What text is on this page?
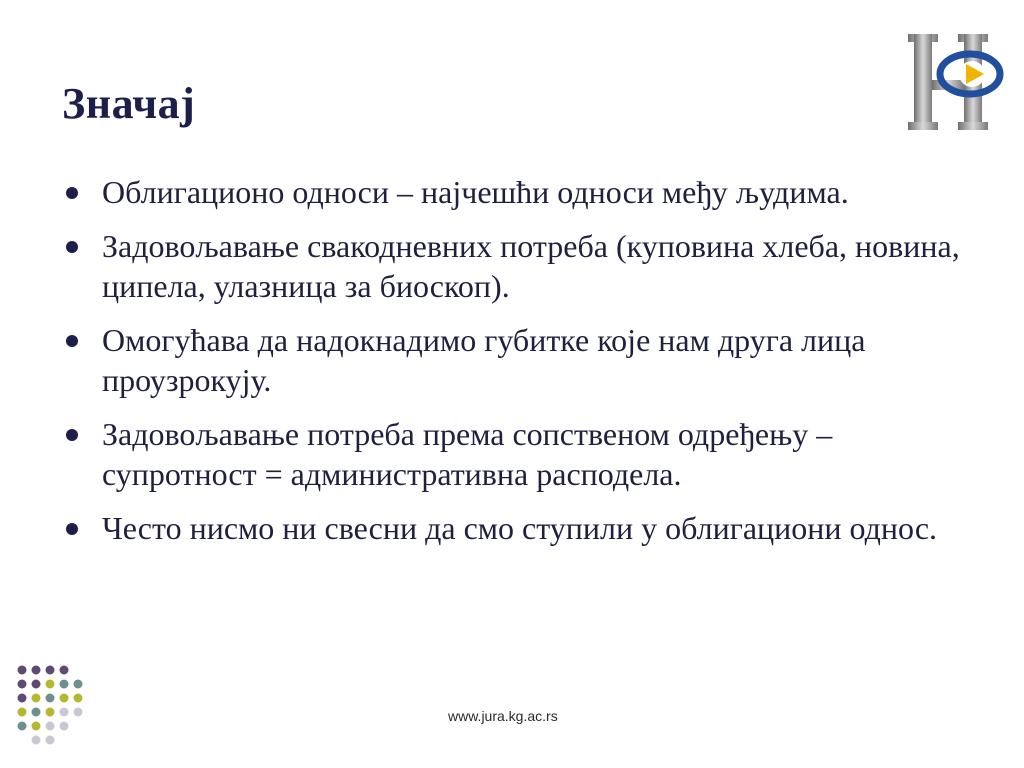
Значај
Облигационо односи – најчешћи односи међу људима.
Задовољавање свакодневних потреба (куповина хлеба, новина, ципела, улазница за биоскоп).
Омогућава да надокнадимо губитке које нам друга лица проузрокују.
Задовољавање потреба према сопственом одређењу – супротност = административна расподела.
Често нисмо ни свесни да смо ступили у облигациони однос.
www.jura.kg.ac.rs
